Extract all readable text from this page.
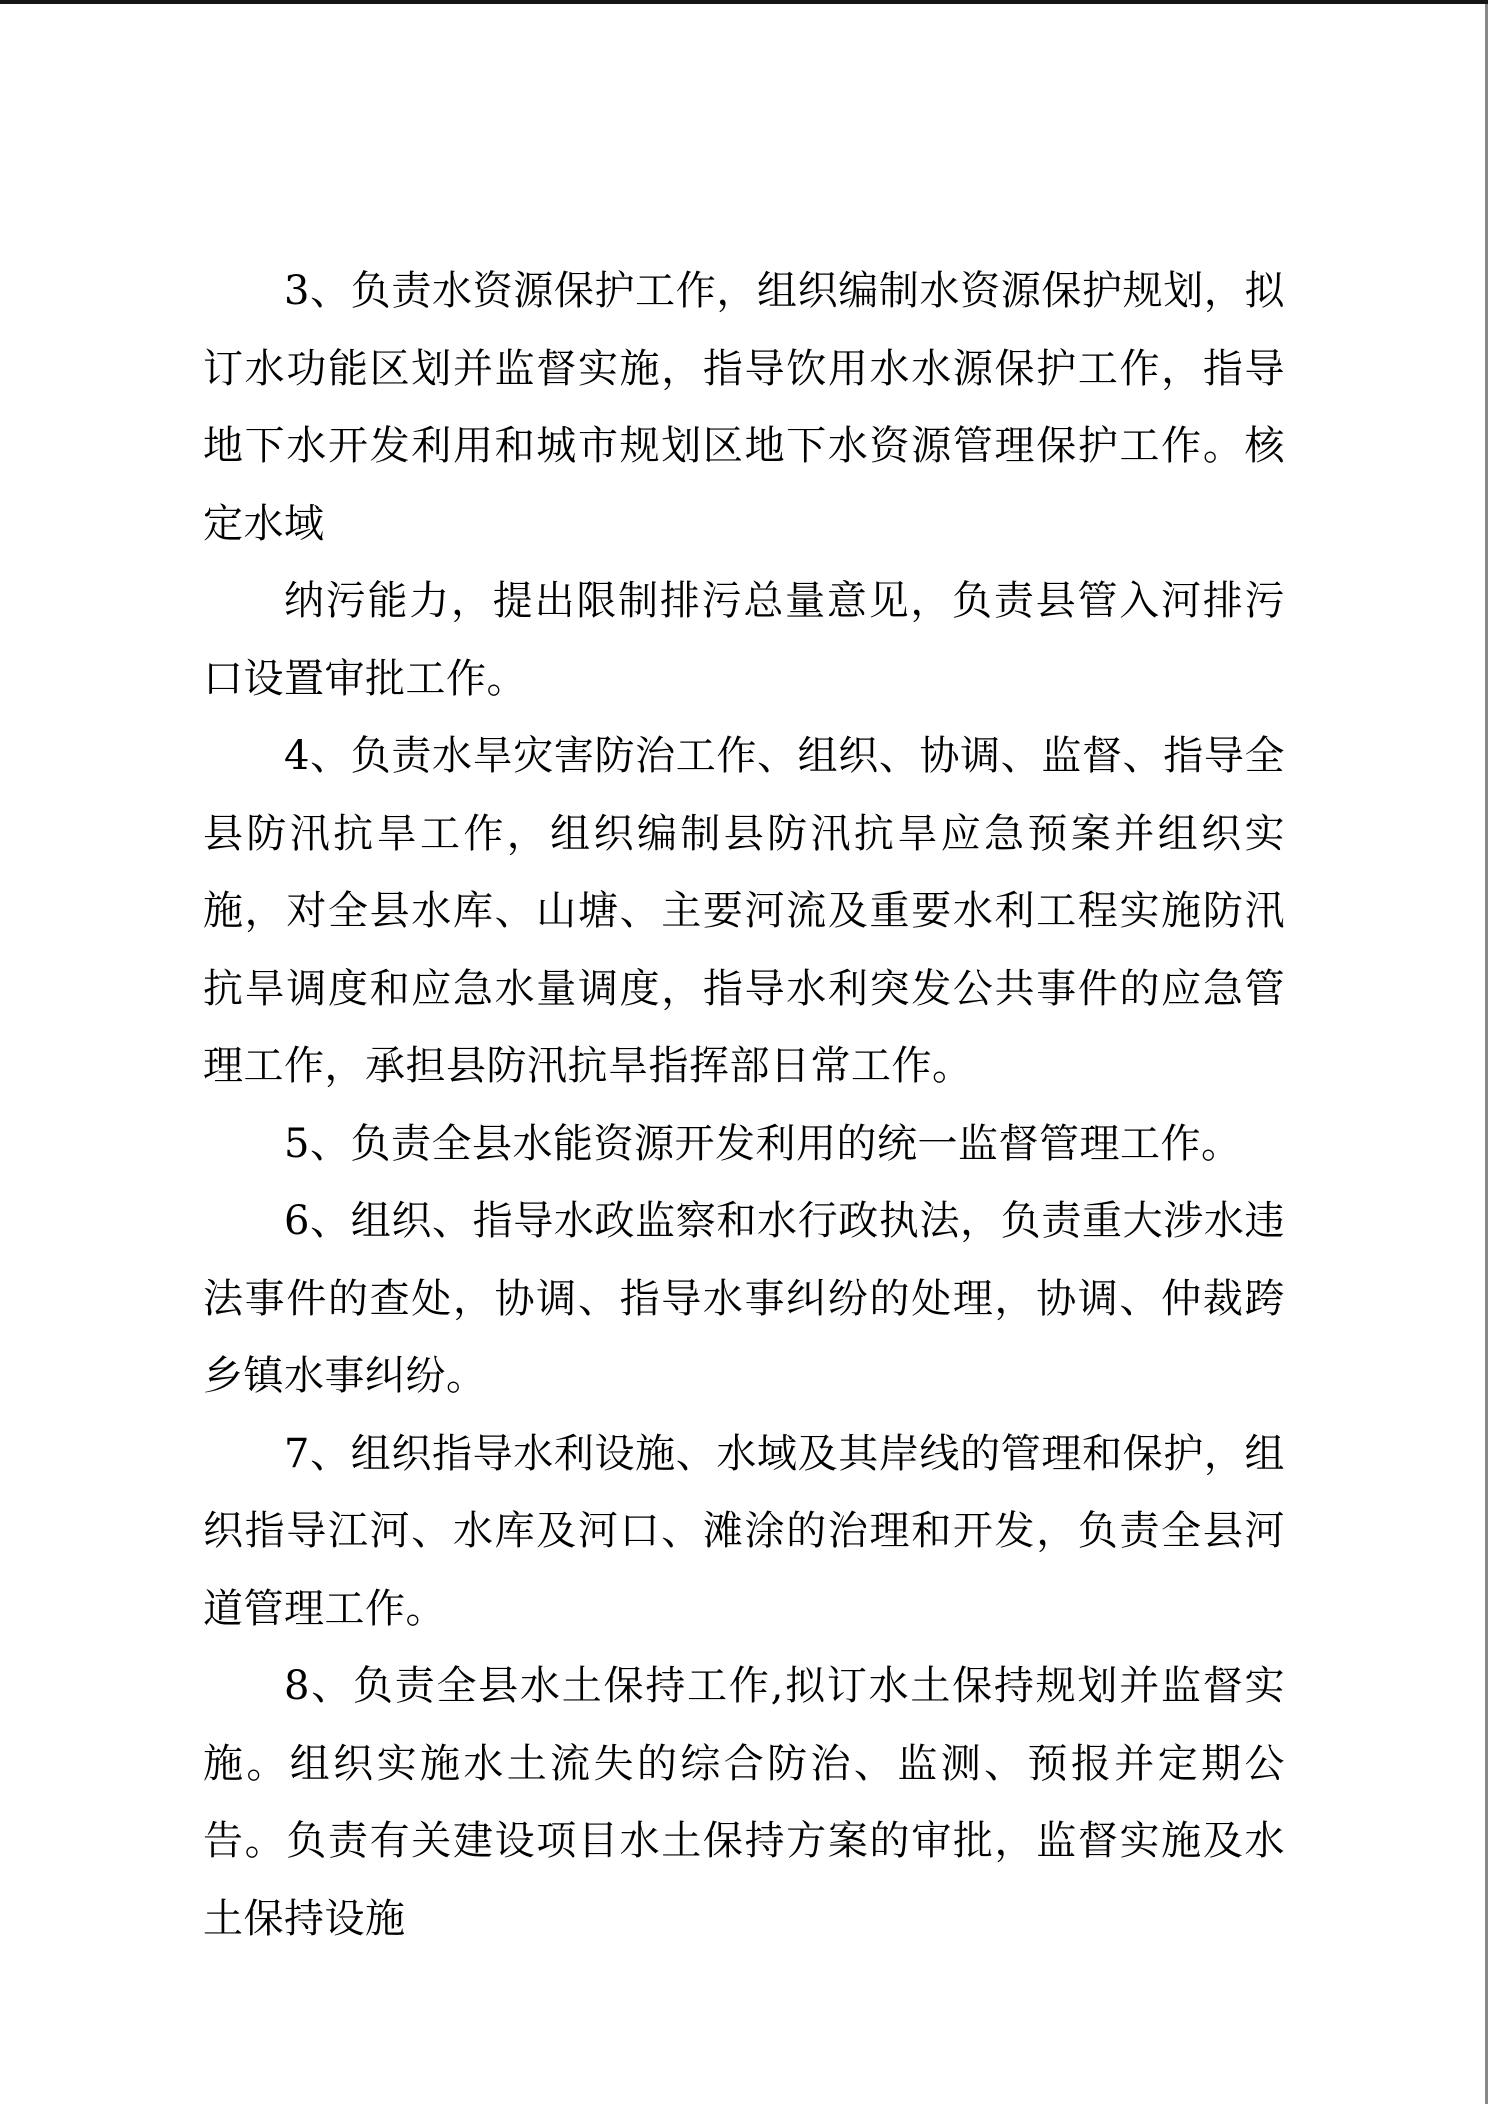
3、负责水资源保护工作，组织编制水资源保护规划，拟订水功能区划并监督实施，指导饮用水水源保护工作，指导地下水开发利用和城市规划区地下水资源管理保护工作。核定水域

纳污能力，提出限制排污总量意见，负责县管入河排污口设置审批工作。

4、负责水旱灾害防治工作、组织、协调、监督、指导全县防汛抗旱工作，组织编制县防汛抗旱应急预案并组织实施，对全县水库、山塘、主要河流及重要水利工程实施防汛抗旱调度和应急水量调度，指导水利突发公共事件的应急管理工作，承担县防汛抗旱指挥部日常工作。

5、负责全县水能资源开发利用的统一监督管理工作。

6、组织、指导水政监察和水行政执法，负责重大涉水违法事件的查处，协调、指导水事纠纷的处理，协调、仲裁跨乡镇水事纠纷。

7、组织指导水利设施、水域及其岸线的管理和保护，组织指导江河、水库及河口、滩涂的治理和开发，负责全县河道管理工作。

8、负责全县水土保持工作,拟订水土保持规划并监督实施。组织实施水土流失的综合防治、监测、预报并定期公告。负责有关建设项目水土保持方案的审批，监督实施及水土保持设施
